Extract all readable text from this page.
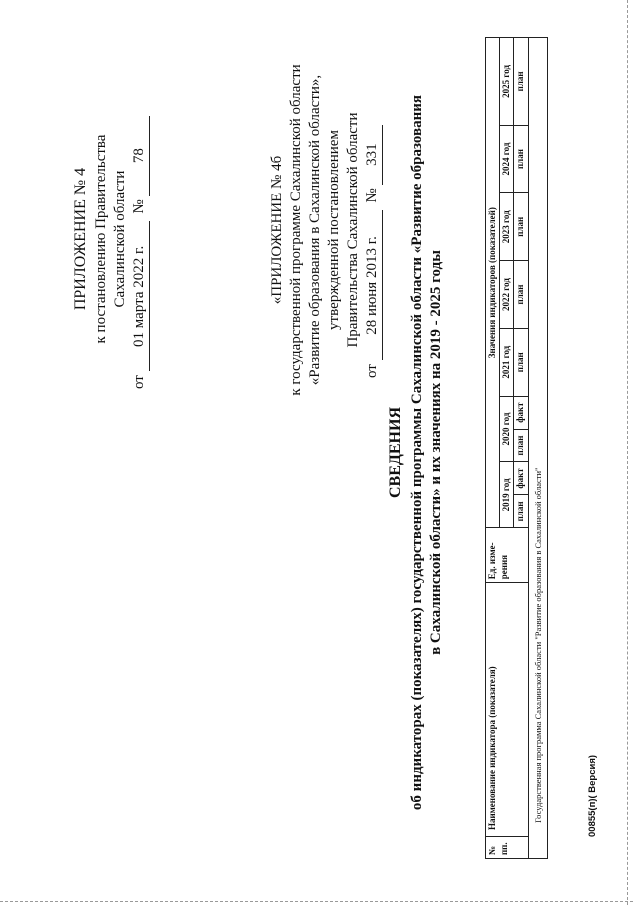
ПРИЛОЖЕНИЕ № 4 к постановлению Правительства Сахалинской области
от 01 марта 2022 г. № 78
«ПРИЛОЖЕНИЕ № 4б к государственной программе Сахалинской области «Развитие образования в Сахалинской области», утвержденной постановлением Правительства Сахалинской области
от 28 июня 2013 г. № 331
СВЕДЕНИЯ об индикаторах (показателях) государственной программы Сахалинской области «Развитие образования в Сахалинской области» и их значениях на 2019 - 2025 годы
№ пп.	Наименование индикатора (показателя)	Ед. изме- рения	Значения индикаторов (показателей)								
			2019 год		2020 год		2021 год	2022 год	2023 год	2024 год	2025 год
			план	факт	план	факт	план	план	план	план	план
Государственная программа Сахалинской области "Развитие образования в Сахалинской области"												00855(п)( Версия)
